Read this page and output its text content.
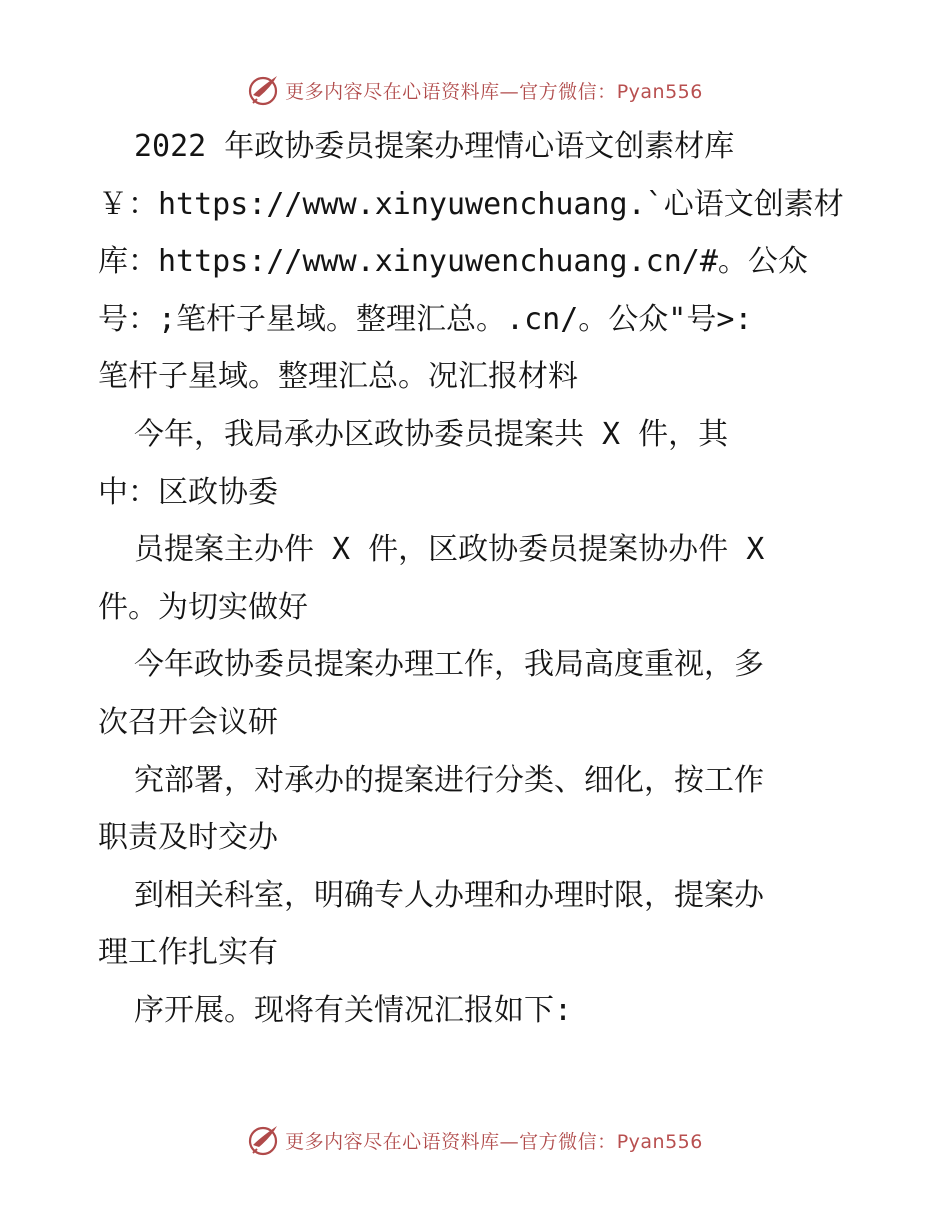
更多内容尽在心语资料库—官方微信：Pyan556
2022 年政协委员提案办理情心语文创素材库
￥：https://www.xinyuwenchuang.`心语文创素材
库：https://www.xinyuwenchuang.cn/#。公众
号：;笔杆子星域。整理汇总。.cn/。公众"号>:
笔杆子星域。整理汇总。况汇报材料
今年，我局承办区政协委员提案共 X 件，其
中：区政协委
员提案主办件 X 件，区政协委员提案协办件 X
件。为切实做好
今年政协委员提案办理工作，我局高度重视，多
次召开会议研
究部署，对承办的提案进行分类、细化，按工作
职责及时交办
到相关科室，明确专人办理和办理时限，提案办
理工作扎实有
序开展。现将有关情况汇报如下:
更多内容尽在心语资料库—官方微信：Pyan556
